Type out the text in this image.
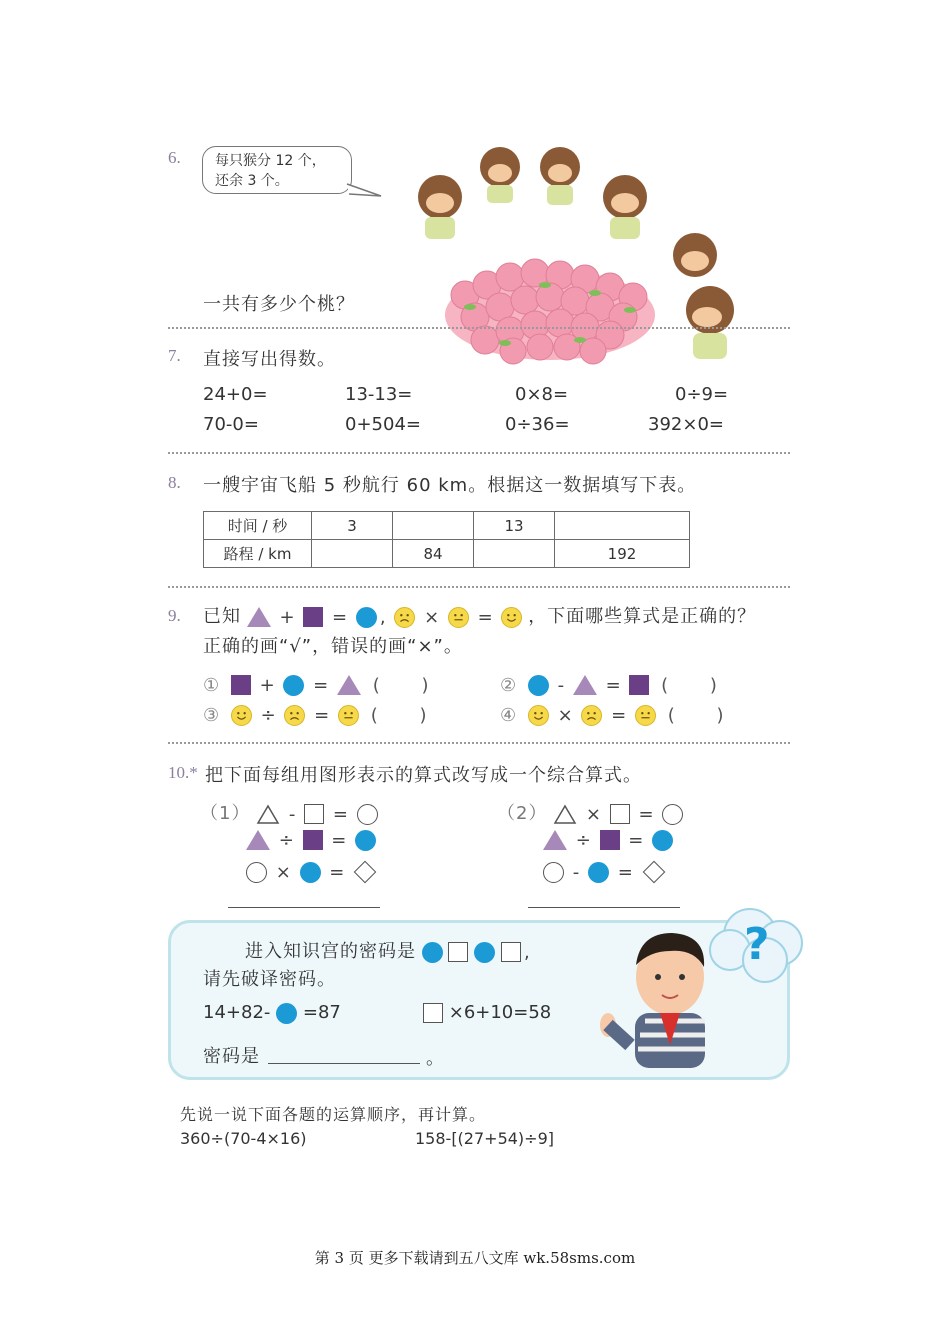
6. 每只猴分 12 个，
还余 3 个。
一共有多少个桃？
7. 直接写出得数。
24+0=	13-13=	0×8=	0÷9=
70-0=	0+504=	0÷36=	392×0=
8. 一艘宇宙飞船 5 秒航行 60 km。根据这一数据填写下表。
时间 / 秒	3		13	
路程 / km		84		192
9. 已知 + = , × = ，下面哪些算式是正确的？
正确的画“√”，错误的画“×”。
① + = ( )	② - = ( )
③ ÷ = ( )	④ × = ( )
10.* 把下面每组用图形表示的算式改写成一个综合算式。
（1） - =
÷ =
× =
（2） × =
÷ =
- =
进入知识宫的密码是	,
请先破译密码。
14+82- =87	×6+10=58
密码是	。
?
先说一说下面各题的运算顺序，再计算。
360÷(70-4×16)	158-[(27+54)÷9]
第 3 页 更多下载请到五八文库 wk.58sms.com
